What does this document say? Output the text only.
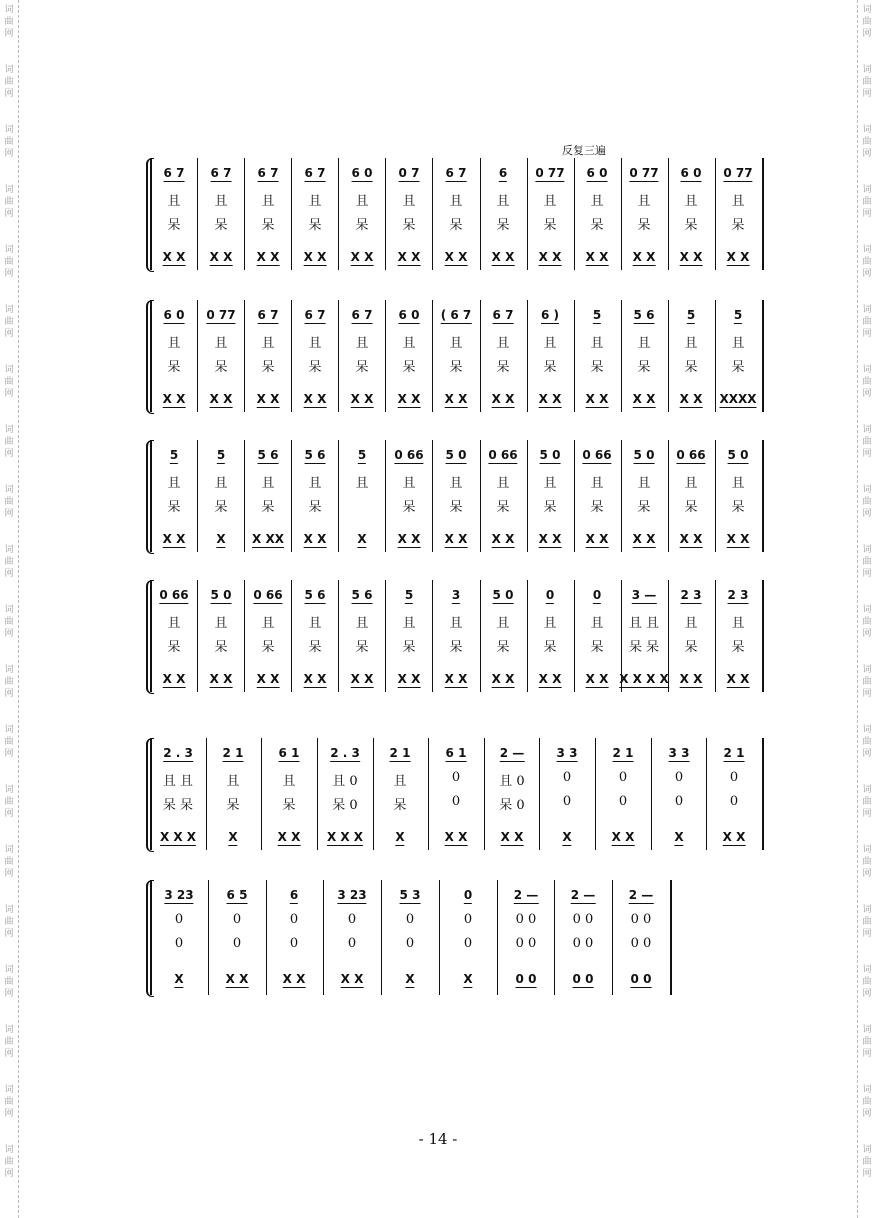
6 7
且
呆
X X
6 7
且
呆
X X
6 7
且
呆
X X
6 7
且
呆
X X
6 0
且
呆
X X
0 7
且
呆
X X
6 7
且
呆
X X
6
且
呆
X X
0 77
且
呆
X X
6 0
且
呆
X X
0 77
且
呆
X X
6 0
且
呆
X X
0 77
且
呆
X X
6 0
且
呆
X X
0 77
且
呆
X X
6 7
且
呆
X X
6 7
且
呆
X X
6 7
且
呆
X X
6 0
且
呆
X X
( 6 7
且
呆
X X
6 7
且
呆
X X
6 )
且
呆
X X
5
且
呆
X X
5 6
且
呆
X X
5
且
呆
X X
5
且
呆
XXXX
5
且
呆
X X
5
且
呆
X
5 6
且
呆
X XX
5 6
且
呆
X X
5
且
X
0 66
且
呆
X X
5 0
且
呆
X X
0 66
且
呆
X X
5 0
且
呆
X X
0 66
且
呆
X X
5 0
且
呆
X X
0 66
且
呆
X X
5 0
且
呆
X X
0 66
且
呆
X X
5 0
且
呆
X X
0 66
且
呆
X X
5 6
且
呆
X X
5 6
且
呆
X X
5
且
呆
X X
3
且
呆
X X
5 0
且
呆
X X
0
且
呆
X X
0
且
呆
X X
3 —
且 且
呆 呆
X X X X
2 3
且
呆
X X
2 3
且
呆
X X
2 . 3
且 且
呆 呆
X X X
2 1
且
呆
X
6 1
且
呆
X X
2 . 3
且 0
呆 0
X X X
2 1
且
呆
X
6 1
0
0
X X
2 —
且 0
呆 0
X X
3 3
0
0
X
2 1
0
0
X X
3 3
0
0
X
2 1
0
0
X X
3 23
0
0
X
6 5
0
0
X X
6
0
0
X X
3 23
0
0
X X
5 3
0
0
X
0
0
0
X
2 —
0 0
0 0
0 0
2 —
0 0
0 0
0 0
2 —
0 0
0 0
0 0
反复三遍
- 14 -
词
曲
网
词
曲
网
词
曲
网
词
曲
网
词
曲
网
词
曲
网
词
曲
网
词
曲
网
词
曲
网
词
曲
网
词
曲
网
词
曲
网
词
曲
网
词
曲
网
词
曲
网
词
曲
网
词
曲
网
词
曲
网
词
曲
网
词
曲
网
词
曲
网
词
曲
网
词
曲
网
词
曲
网
词
曲
网
词
曲
网
词
曲
网
词
曲
网
词
曲
网
词
曲
网
词
曲
网
词
曲
网
词
曲
网
词
曲
网
词
曲
网
词
曲
网
词
曲
网
词
曲
网
词
曲
网
词
曲
网
